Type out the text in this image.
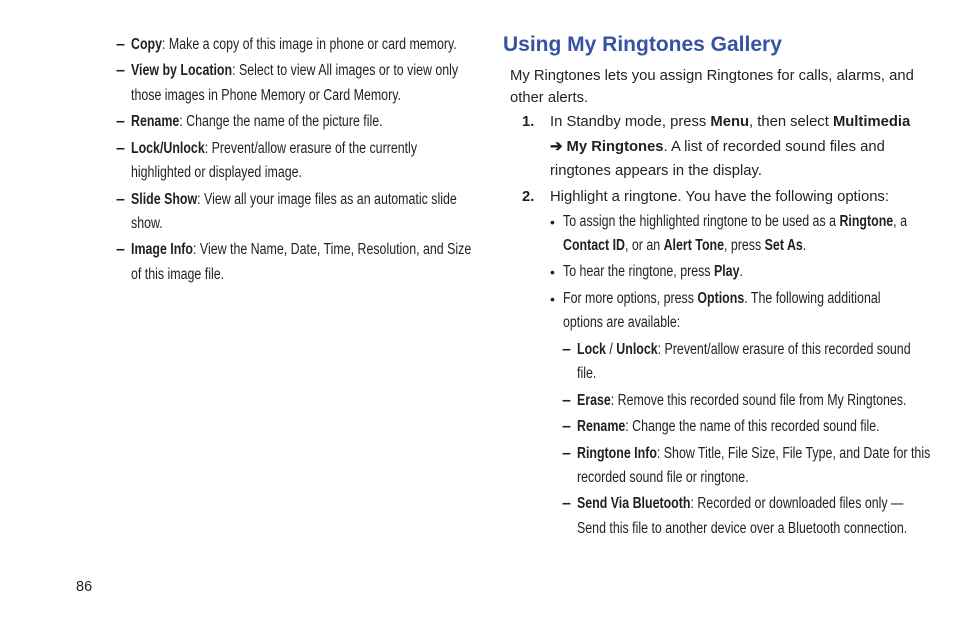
– Copy: Make a copy of this image in phone or card memory.
– View by Location: Select to view All images or to view only
those images in Phone Memory or Card Memory.
– Rename: Change the name of the picture file.
– Lock/Unlock: Prevent/allow erasure of the currently
highlighted or displayed image.
– Slide Show: View all your image files as an automatic slide
show.
– Image Info: View the Name, Date, Time, Resolution, and Size
of this image file.
Using My Ringtones Gallery
My Ringtones lets you assign Ringtones for calls, alarms, and
other alerts.
1. In Standby mode, press Menu, then select Multimedia
➔ My Ringtones. A list of recorded sound files and
ringtones appears in the display.
2. Highlight a ringtone. You have the following options:
• To assign the highlighted ringtone to be used as a Ringtone, a
Contact ID, or an Alert Tone, press Set As.
• To hear the ringtone, press Play.
• For more options, press Options. The following additional
options are available:
– Lock / Unlock: Prevent/allow erasure of this recorded sound
file.
– Erase: Remove this recorded sound file from My Ringtones.
– Rename: Change the name of this recorded sound file.
– Ringtone Info: Show Title, File Size, File Type, and Date for this
recorded sound file or ringtone.
– Send Via Bluetooth: Recorded or downloaded files only —
Send this file to another device over a Bluetooth connection.
86
